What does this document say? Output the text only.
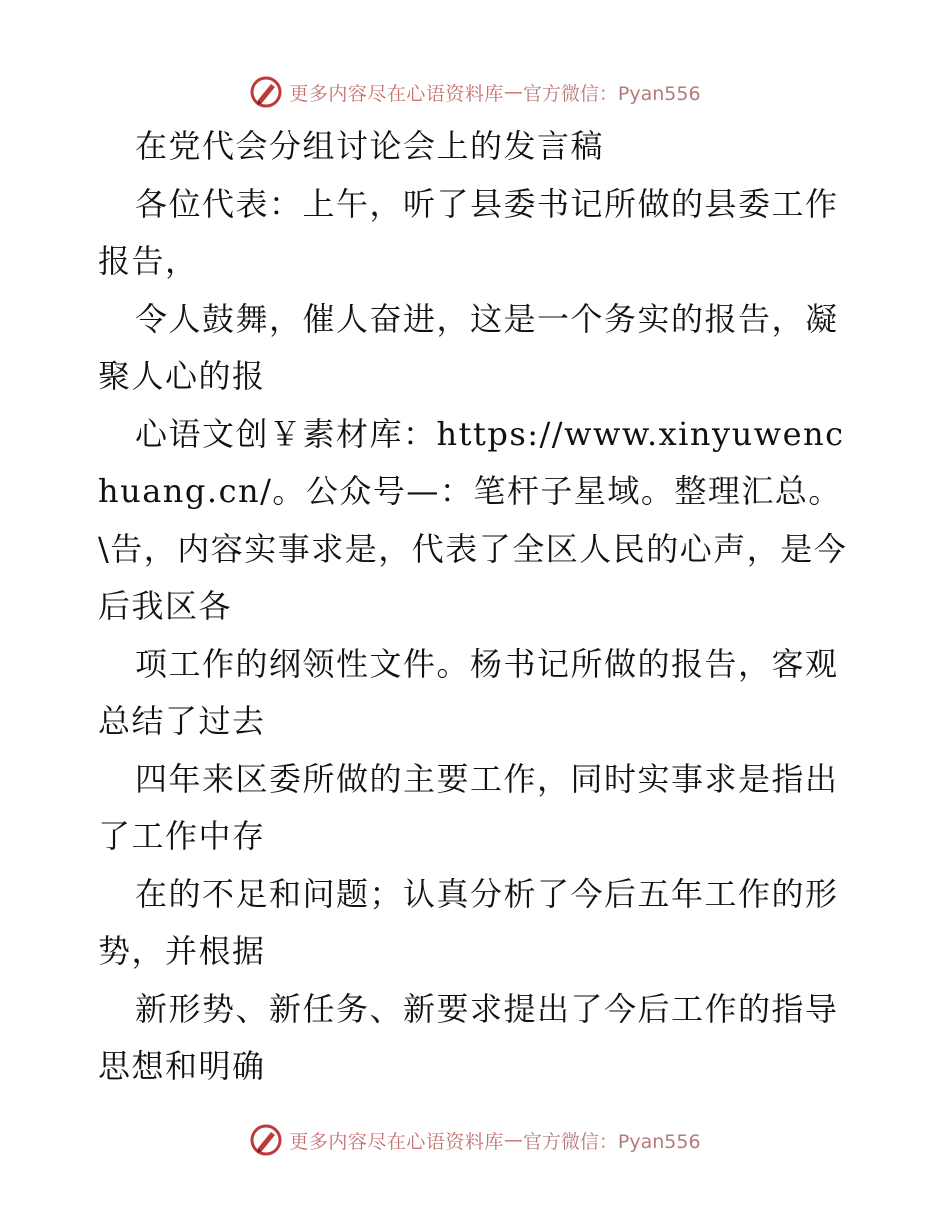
更多内容尽在心语资料库 — 官方微信：Pyan556

在党代会分组讨论会上的发言稿

各位代表：上午，听了县委书记所做的县委工作报告，

令人鼓舞，催人奋进，这是一个务实的报告，凝聚人心的报

心语文创￥素材库：https://www.xinyuwenchuang.cn/。公众号—：笔杆子星域。整理汇总。\告，内容实事求是，代表了全区人民的心声，是今后我区各

项工作的纲领性文件。杨书记所做的报告，客观总结了过去

四年来区委所做的主要工作，同时实事求是指出了工作中存

在的不足和问题；认真分析了今后五年工作的形势，并根据

新形势、新任务、新要求提出了今后工作的指导思想和明确

更多内容尽在心语资料库 — 官方微信：Pyan556
